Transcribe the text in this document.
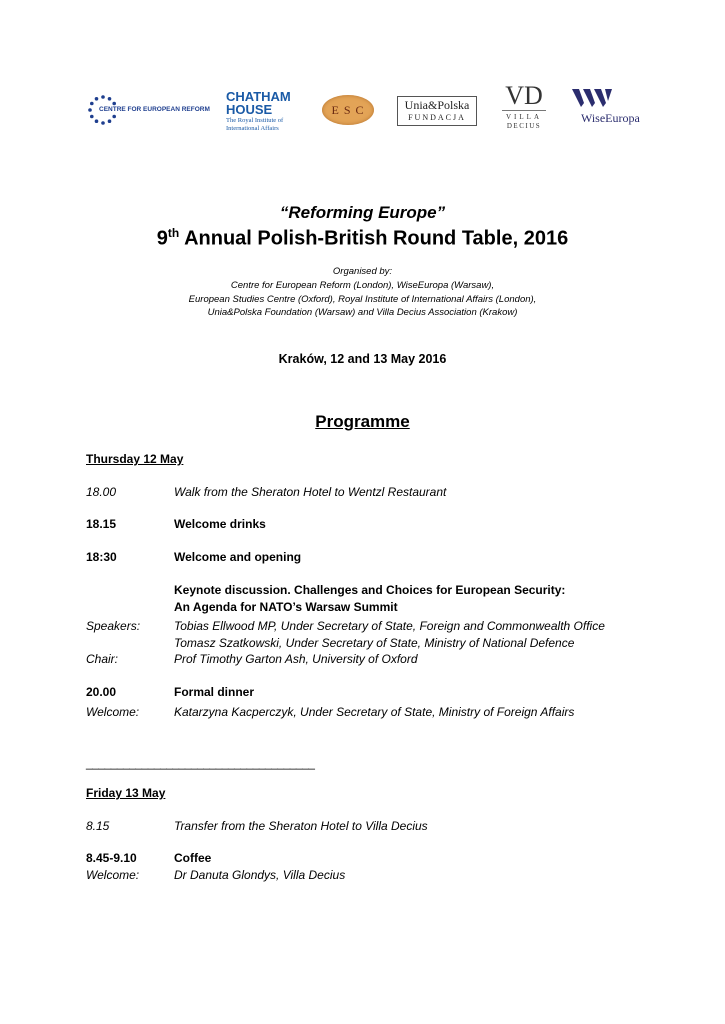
CENTRE FOR EUROPEAN REFORM
CHATHAM
HOUSE
The Royal Institute of
International Affairs
E S C	Unia&Polska
FUNDACJA
VD
VILLA
DECIUS
WiseEuropa
“Reforming Europe”
9th Annual Polish-British Round Table, 2016
Organised by:
Centre for European Reform (London), WiseEuropa (Warsaw),
European Studies Centre (Oxford), Royal Institute of International Affairs (London),
Unia&Polska Foundation (Warsaw) and Villa Decius Association (Krakow)
Kraków, 12 and 13 May 2016
Programme
Thursday 12 May
18.00	Walk from the Sheraton Hotel to Wentzl Restaurant
18.15	Welcome drinks
18:30	Welcome and opening
Keynote discussion. Challenges and Choices for European Security:
An Agenda for NATO’s Warsaw Summit
Speakers:	Tobias Ellwood MP, Under Secretary of State, Foreign and Commonwealth Office
Tomasz Szatkowski, Under Secretary of State, Ministry of National Defence
Chair:	Prof Timothy Garton Ash, University of Oxford
20.00	Formal dinner
Welcome:	Katarzyna Kacperczyk, Under Secretary of State, Ministry of Foreign Affairs
_____________________________________
Friday 13 May
8.15	Transfer from the Sheraton Hotel to Villa Decius
8.45-9.10	Coffee
Welcome:	Dr Danuta Glondys, Villa Decius
